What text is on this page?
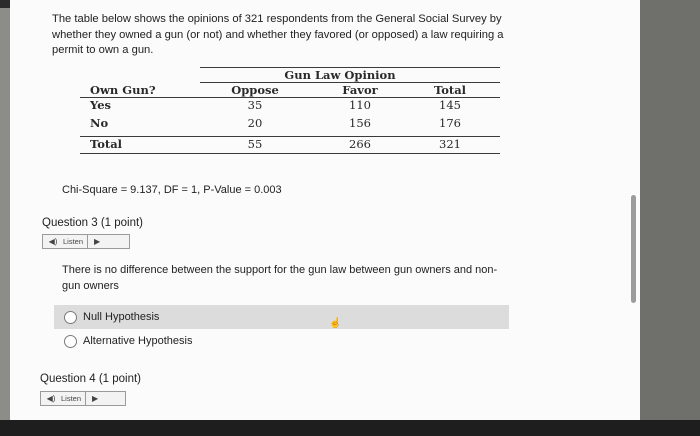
The table below shows the opinions of 321 respondents from the General Social Survey by whether they owned a gun (or not) and whether they favored (or opposed) a law requiring a permit to own a gun.
Gun Law Opinion
Own Gun?	Oppose	Favor	Total
Yes	35	110	145
No	20	156	176
Total	55	266	321
Chi-Square = 9.137, DF = 1, P-Value = 0.003
Question 3 (1 point)
◀) Listen	▶
There is no difference between the support for the gun law between gun owners and non-gun owners
Null Hypothesis
Alternative Hypothesis
☝
Question 4 (1 point)
◀) Listen	▶
